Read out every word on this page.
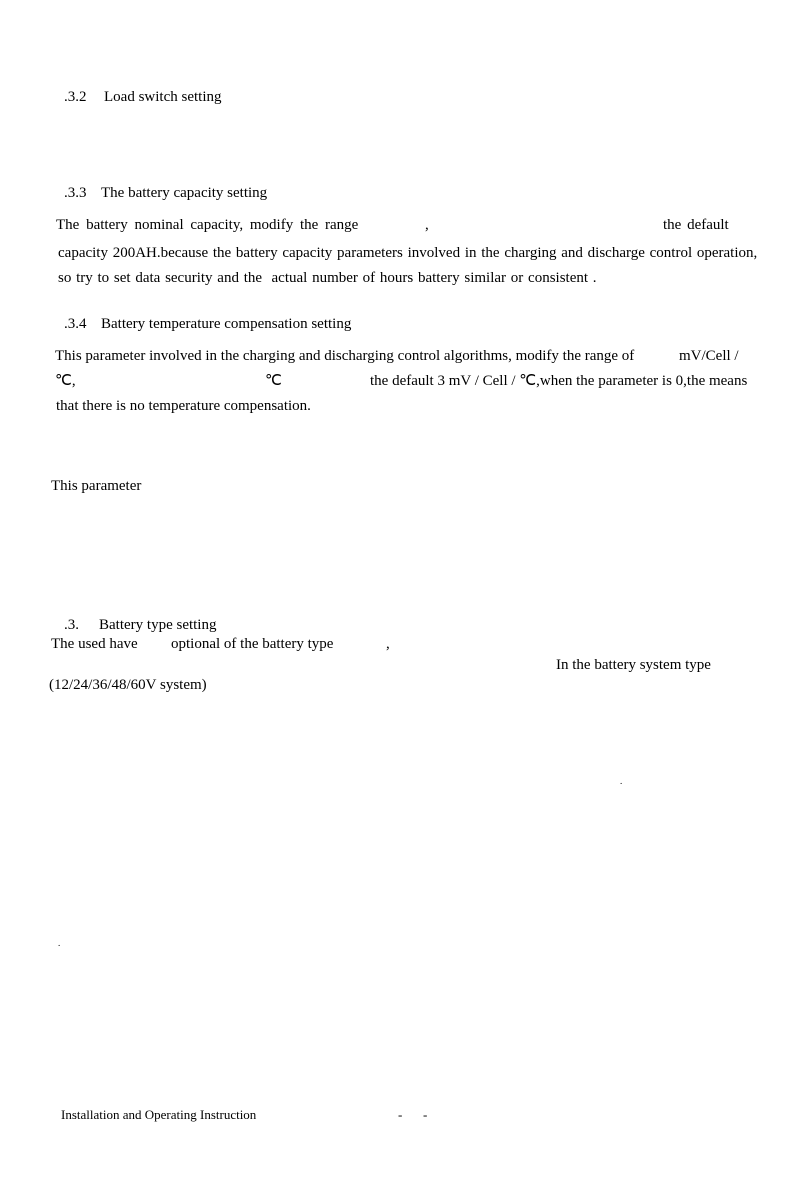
.3.2 Load switch setting
.3.3 The battery capacity setting
The battery nominal capacity, modify the range	,	the default
capacity 200AH.because the battery capacity parameters involved in the charging and discharge control operation,
so try to set data security and the  actual number of hours battery similar or consistent .
.3.4 Battery temperature compensation setting
This parameter involved in the charging and discharging control algorithms, modify the range of	mV/Cell /
℃,	℃	the default 3 mV / Cell / ℃,when the parameter is 0,the means
that there is no temperature compensation.
This parameter
.3. Battery type setting
The used have optional of the battery type	,
In the battery system type
(12/24/36/48/60V system)
.
.
Installation and Operating Instruction	- -
